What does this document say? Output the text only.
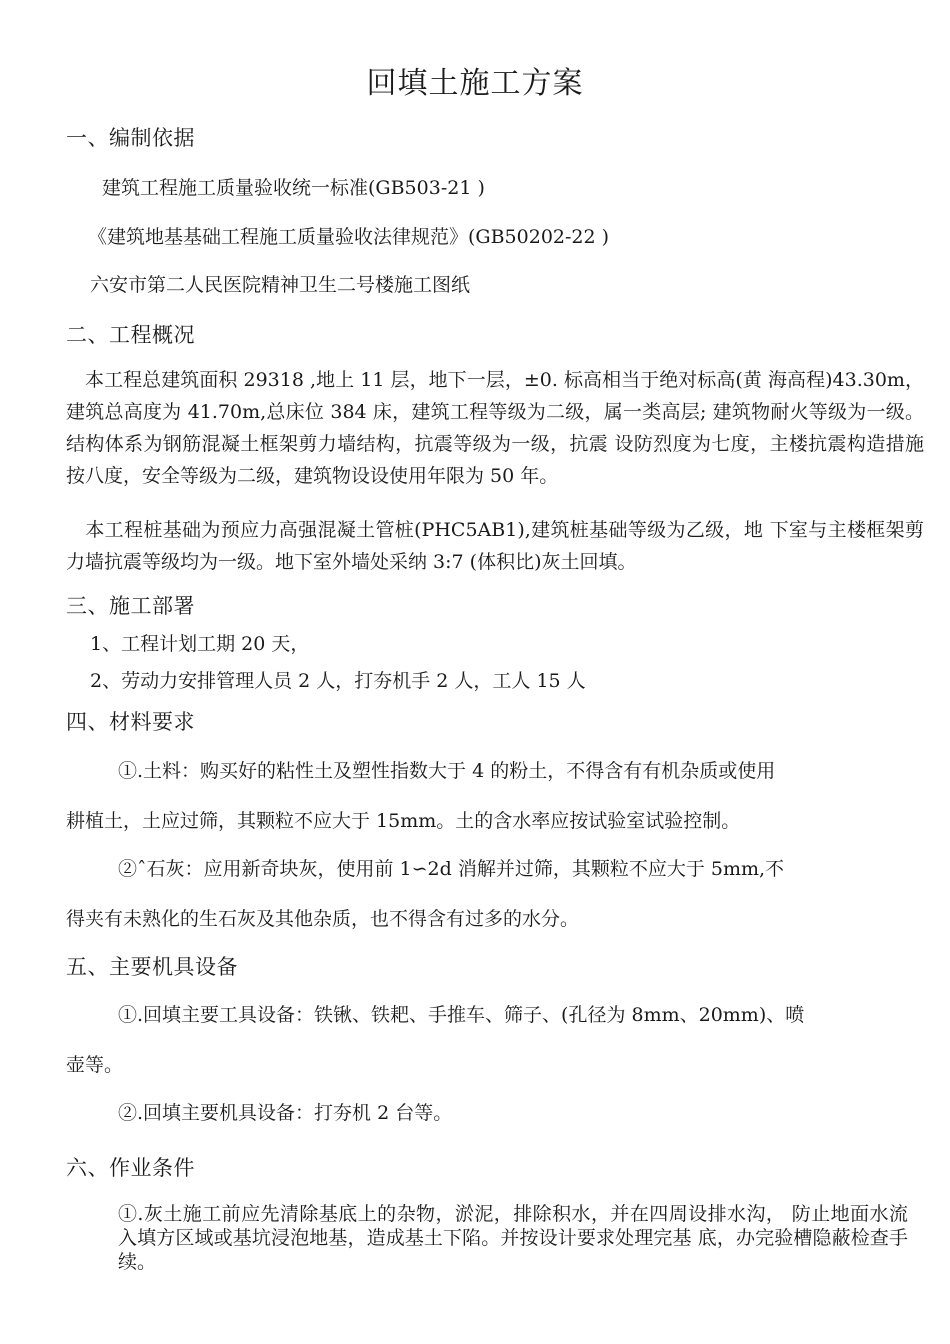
回填土施工方案
一、编制依据
建筑工程施工质量验收统一标准(GB503-21 )
《建筑地基基础工程施工质量验收法律规范》(GB50202-22 )
六安市第二人民医院精神卫生二号楼施工图纸
二、工程概况

　本工程总建筑面积 29318 ,地上 11 层，地下一层，±0. 标高相当于绝对标高(黄 海高程)43.30m，建筑总高度为 41.70m,总床位 384 床，建筑工程等级为二级，属一类高层; 建筑物耐火等级为一级。结构体系为钢筋混凝土框架剪力墙结构，抗震等级为一级，抗震 设防烈度为七度，主楼抗震构造措施按八度，安全等级为二级，建筑物设设使用年限为 50 年。

　本工程桩基础为预应力高强混凝土管桩(PHC5AB1),建筑桩基础等级为乙级，地 下室与主楼框架剪力墙抗震等级均为一级。地下室外墙处采纳 3:7 (体积比)灰土回填。

三、施工部署
1、工程计划工期 20 天，
2、劳动力安排管理人员 2 人，打夯机手 2 人，工人 15 人
四、材料要求
①.土料：购买好的粘性土及塑性指数大于 4 的粉土，不得含有有机杂质或使用
耕植土，土应过筛，其颗粒不应大于 15mm。土的含水率应按试验室试验控制。
②ˆ石灰：应用新奇块灰，使用前 1∽2d 消解并过筛，其颗粒不应大于 5mm,不
得夹有未熟化的生石灰及其他杂质，也不得含有过多的水分。
五、主要机具设备
①.回填主要工具设备：铁锹、铁耙、手推车、筛子、(孔径为 8mm、20mm)、喷
壶等。
②.回填主要机具设备：打夯机 2 台等。
六、作业条件

①.灰土施工前应先清除基底上的杂物，淤泥，排除积水，并在四周设排水沟， 防止地面水流入填方区域或基坑浸泡地基，造成基土下陷。并按设计要求处理完基 底，办完验槽隐蔽检查手续。
